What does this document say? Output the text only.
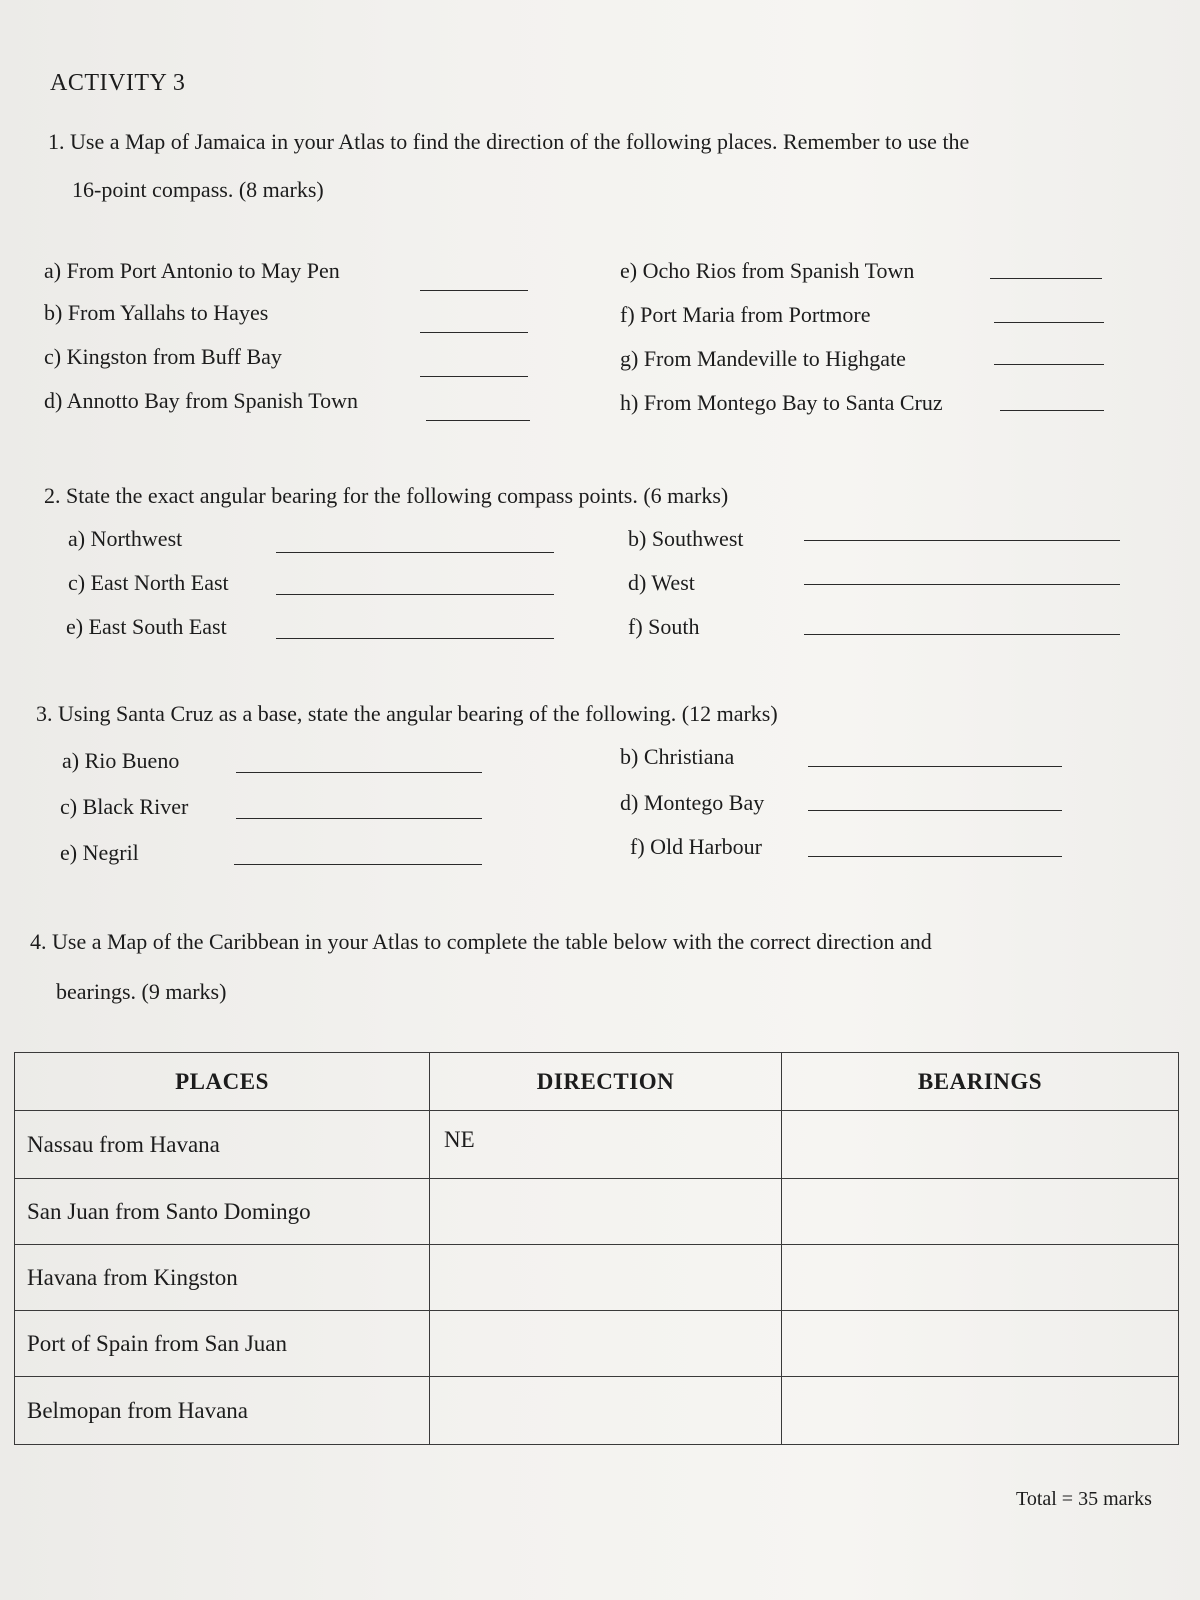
ACTIVITY 3
1. Use a Map of Jamaica in your Atlas to find the direction of the following places. Remember to use the
16-point compass. (8 marks)
a) From Port Antonio to May Pen
b) From Yallahs to Hayes
c) Kingston from Buff Bay
d) Annotto Bay from Spanish Town
e) Ocho Rios from Spanish Town
f) Port Maria from Portmore
g) From Mandeville to Highgate
h) From Montego Bay to Santa Cruz
2. State the exact angular bearing for the following compass points. (6 marks)
a) Northwest	b) Southwest
c) East North East	d) West
e) East South East	f) South
3. Using Santa Cruz as a base, state the angular bearing of the following. (12 marks)
a) Rio Bueno	b) Christiana
c) Black River	d) Montego Bay
e) Negril	f) Old Harbour
4. Use a Map of the Caribbean in your Atlas to complete the table below with the correct direction and
bearings. (9 marks)
PLACES	DIRECTION	BEARINGS
Nassau from Havana	NE	
San Juan from Santo Domingo		
Havana from Kingston		
Port of Spain from San Juan		
Belmopan from Havana		
Total = 35 marks
